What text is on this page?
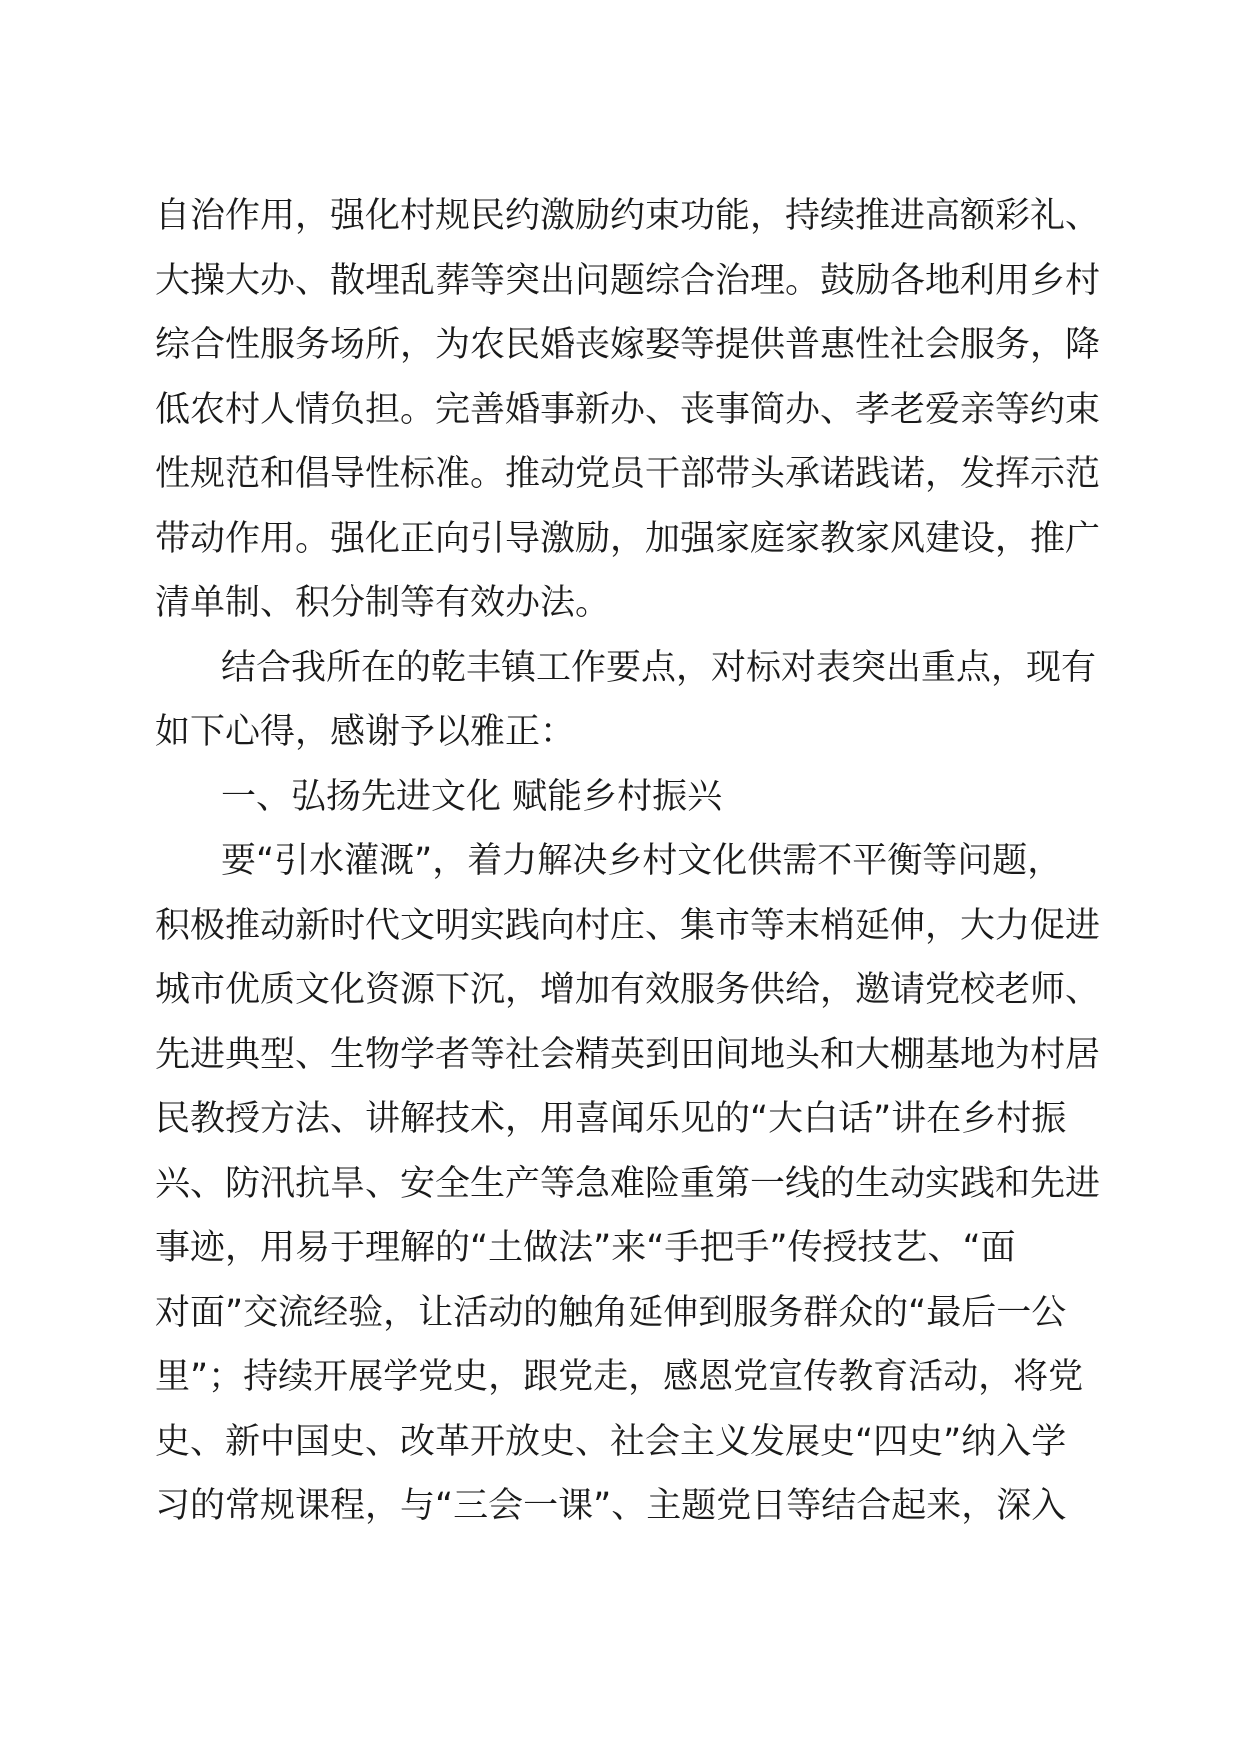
自治作用，强化村规民约激励约束功能，持续推进高额彩礼、
大操大办、散埋乱葬等突出问题综合治理。鼓励各地利用乡村
综合性服务场所，为农民婚丧嫁娶等提供普惠性社会服务，降
低农村人情负担。完善婚事新办、丧事简办、孝老爱亲等约束
性规范和倡导性标准。推动党员干部带头承诺践诺，发挥示范
带动作用。强化正向引导激励，加强家庭家教家风建设，推广
清单制、积分制等有效办法。
结合我所在的乾丰镇工作要点，对标对表突出重点，现有
如下心得，感谢予以雅正：
一、弘扬先进文化 赋能乡村振兴
要“引水灌溉”，着力解决乡村文化供需不平衡等问题，
积极推动新时代文明实践向村庄、集市等末梢延伸，大力促进
城市优质文化资源下沉，增加有效服务供给，邀请党校老师、
先进典型、生物学者等社会精英到田间地头和大棚基地为村居
民教授方法、讲解技术，用喜闻乐见的“大白话”讲在乡村振
兴、防汛抗旱、安全生产等急难险重第一线的生动实践和先进
事迹，用易于理解的“土做法”来“手把手”传授技艺、“面
对面”交流经验，让活动的触角延伸到服务群众的“最后一公
里”；持续开展学党史，跟党走，感恩党宣传教育活动，将党
史、新中国史、改革开放史、社会主义发展史“四史”纳入学
习的常规课程，与“三会一课”、主题党日等结合起来，深入
